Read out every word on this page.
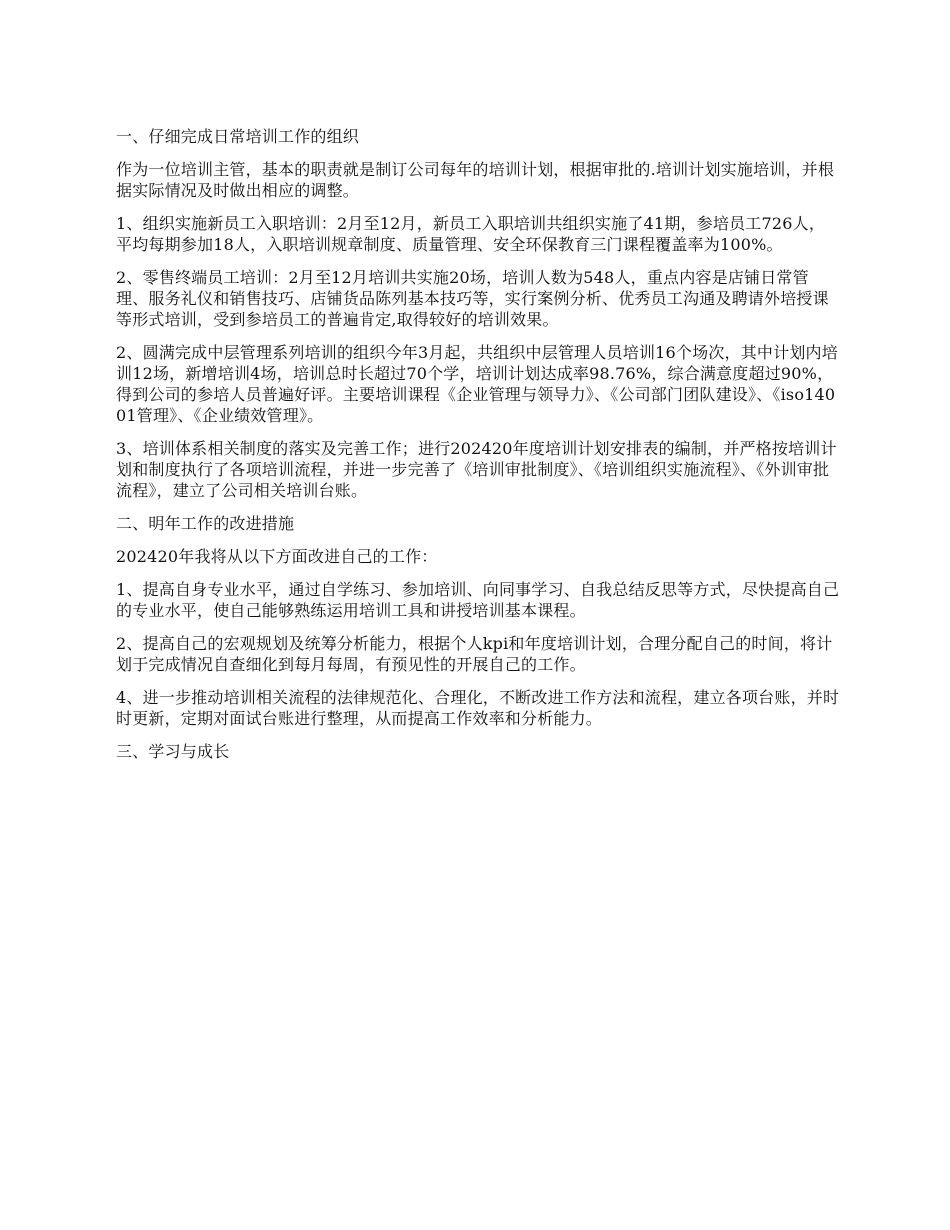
一、仔细完成日常培训工作的组织

作为一位培训主管，基本的职责就是制订公司每年的培训计划，根据审批的.培训计划实施培训，并根据实际情况及时做出相应的调整。

1、组织实施新员工入职培训：2月至12月，新员工入职培训共组织实施了41期，参培员工726人，平均每期参加18人，入职培训规章制度、质量管理、安全环保教育三门课程覆盖率为100%。

2、零售终端员工培训：2月至12月培训共实施20场，培训人数为548人，重点内容是店铺日常管理、服务礼仪和销售技巧、店铺货品陈列基本技巧等，实行案例分析、优秀员工沟通及聘请外培授课等形式培训，受到参培员工的普遍肯定,取得较好的培训效果。

2、圆满完成中层管理系列培训的组织今年3月起，共组织中层管理人员培训16个场次，其中计划内培训12场，新增培训4场，培训总时长超过70个学，培训计划达成率98.76%，综合满意度超过90%，得到公司的参培人员普遍好评。主要培训课程《企业管理与领导力》、《公司部门团队建设》、《iso14001管理》、《企业绩效管理》。

3、培训体系相关制度的落实及完善工作；进行202420年度培训计划安排表的编制，并严格按培训计划和制度执行了各项培训流程，并进一步完善了《培训审批制度》、《培训组织实施流程》、《外训审批流程》，建立了公司相关培训台账。

二、明年工作的改进措施

202420年我将从以下方面改进自己的工作：

1、提高自身专业水平，通过自学练习、参加培训、向同事学习、自我总结反思等方式，尽快提高自己的专业水平，使自己能够熟练运用培训工具和讲授培训基本课程。

2、提高自己的宏观规划及统筹分析能力，根据个人kpi和年度培训计划，合理分配自己的时间，将计划于完成情况自查细化到每月每周，有预见性的开展自己的工作。

4、进一步推动培训相关流程的法律规范化、合理化，不断改进工作方法和流程，建立各项台账，并时时更新，定期对面试台账进行整理，从而提高工作效率和分析能力。

三、学习与成长
